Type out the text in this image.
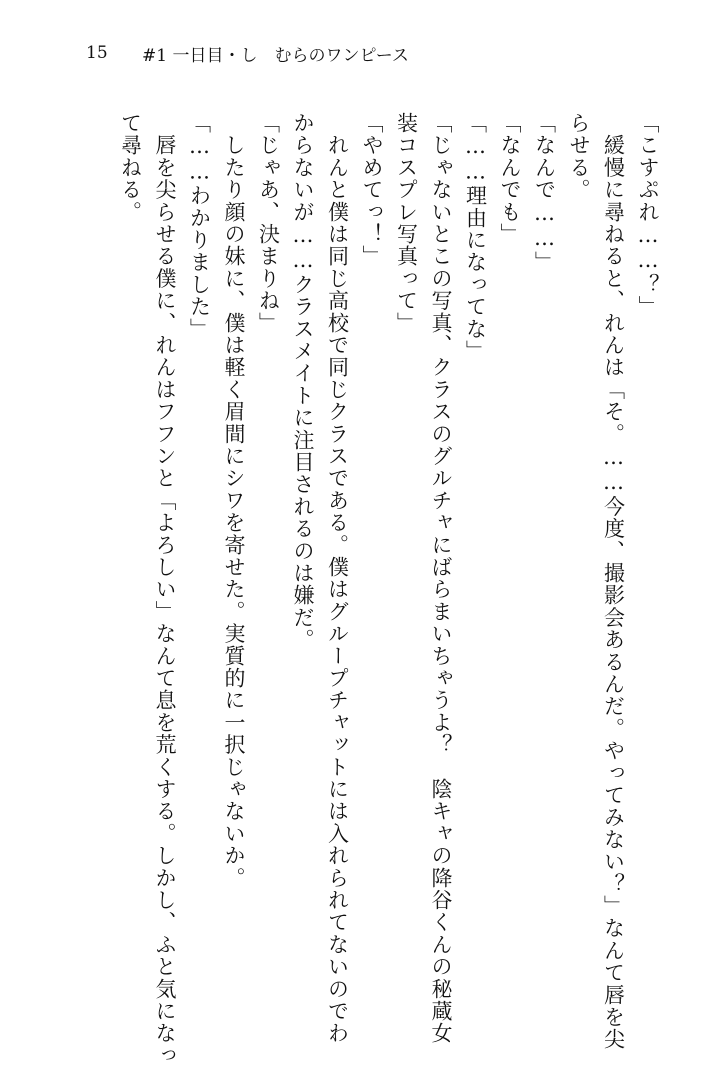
15	#1 一日目・し　むらのワンピース
「こすぷれ……？」
　緩慢に尋ねると、れんは「そ。……今度、撮影会あるんだ。やってみない？」なんて唇を尖
らせる。
「なんで……」
「なんでも」
「……理由になってな」
「じゃないとこの写真、クラスのグルチャにばらまいちゃうよ？　陰キャの降谷くんの秘蔵女
装コスプレ写真って」
「やめてっ！」
　れんと僕は同じ高校で同じクラスである。僕はグループチャットには入れられてないのでわ
からないが……クラスメイトに注目されるのは嫌だ。
「じゃあ、決まりね」
　したり顔の妹に、僕は軽く眉間にシワを寄せた。実質的に一択じゃないか。
「……わかりました」
　唇を尖らせる僕に、れんはフフンと「よろしい」なんて息を荒くする。しかし、ふと気になっ
て尋ねる。
